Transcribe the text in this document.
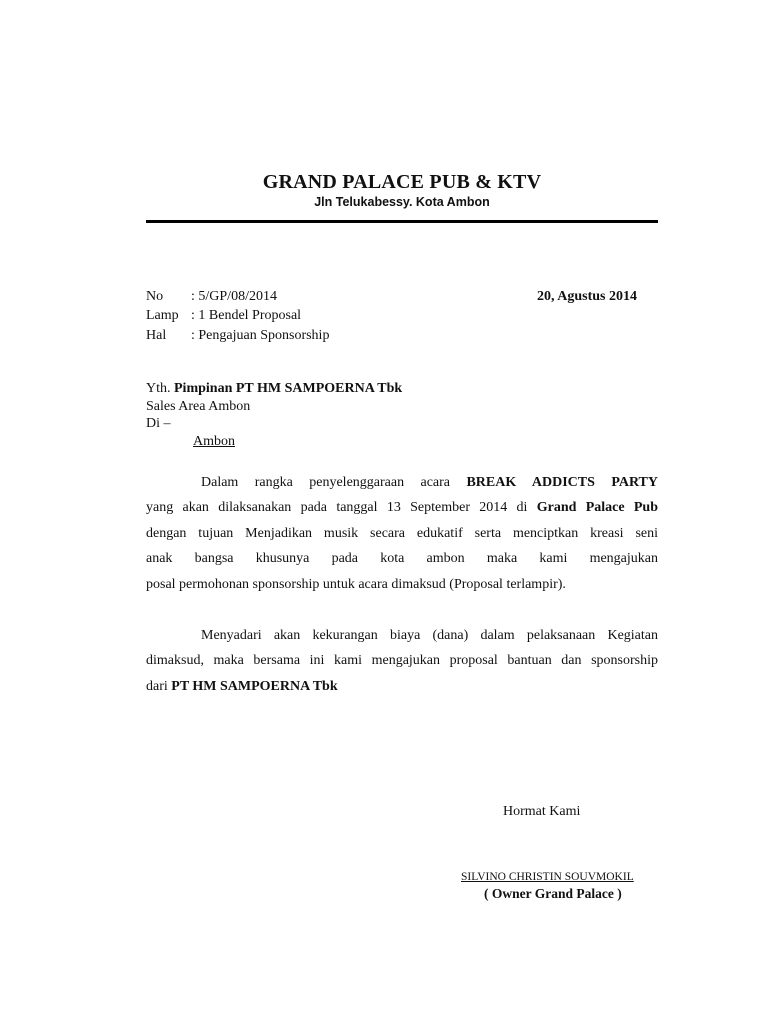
GRAND PALACE PUB & KTV
Jln Telukabessy. Kota Ambon
No : 5/GP/08/2014
Lamp : 1 Bendel Proposal
Hal : Pengajuan Sponsorship
20, Agustus 2014
Yth. Pimpinan PT HM SAMPOERNA Tbk
Sales Area Ambon
Di –
Ambon
Dalam rangka penyelenggaraan acara BREAK ADDICTS PARTY
yang akan dilaksanakan pada tanggal 13 September 2014 di Grand Palace Pub
dengan tujuan Menjadikan musik secara edukatif serta menciptkan kreasi seni
anak bangsa khusunya pada kota ambon maka kami mengajukan
posal permohonan sponsorship untuk acara dimaksud (Proposal terlampir).
Menyadari akan kekurangan biaya (dana) dalam pelaksanaan Kegiatan
dimaksud, maka bersama ini kami mengajukan proposal bantuan dan sponsorship
dari PT HM SAMPOERNA Tbk
Hormat Kami
SILVINO CHRISTIN SOUVMOKIL
( Owner Grand Palace )
